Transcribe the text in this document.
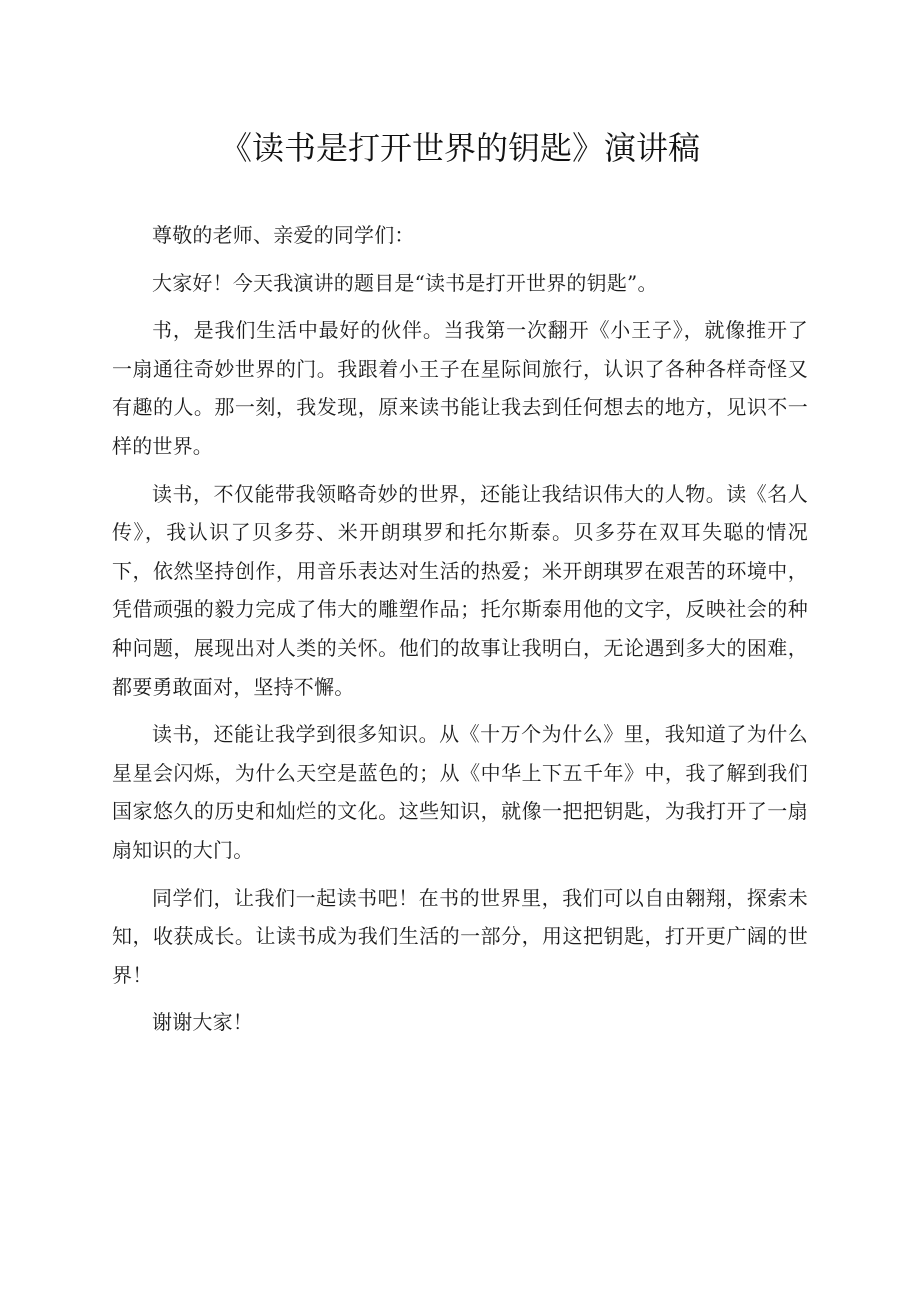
《读书是打开世界的钥匙》演讲稿

尊敬的老师、亲爱的同学们：

大家好！今天我演讲的题目是“读书是打开世界的钥匙”。

书，是我们生活中最好的伙伴。当我第一次翻开《小王子》，就像推开了一扇通往奇妙世界的门。我跟着小王子在星际间旅行，认识了各种各样奇怪又有趣的人。那一刻，我发现，原来读书能让我去到任何想去的地方，见识不一样的世界。

读书，不仅能带我领略奇妙的世界，还能让我结识伟大的人物。读《名人传》，我认识了贝多芬、米开朗琪罗和托尔斯泰。贝多芬在双耳失聪的情况下，依然坚持创作，用音乐表达对生活的热爱；米开朗琪罗在艰苦的环境中，凭借顽强的毅力完成了伟大的雕塑作品；托尔斯泰用他的文字，反映社会的种种问题，展现出对人类的关怀。他们的故事让我明白，无论遇到多大的困难，都要勇敢面对，坚持不懈。

读书，还能让我学到很多知识。从《十万个为什么》里，我知道了为什么星星会闪烁，为什么天空是蓝色的；从《中华上下五千年》中，我了解到我们国家悠久的历史和灿烂的文化。这些知识，就像一把把钥匙，为我打开了一扇扇知识的大门。

同学们，让我们一起读书吧！在书的世界里，我们可以自由翱翔，探索未知，收获成长。让读书成为我们生活的一部分，用这把钥匙，打开更广阔的世界！

谢谢大家！
